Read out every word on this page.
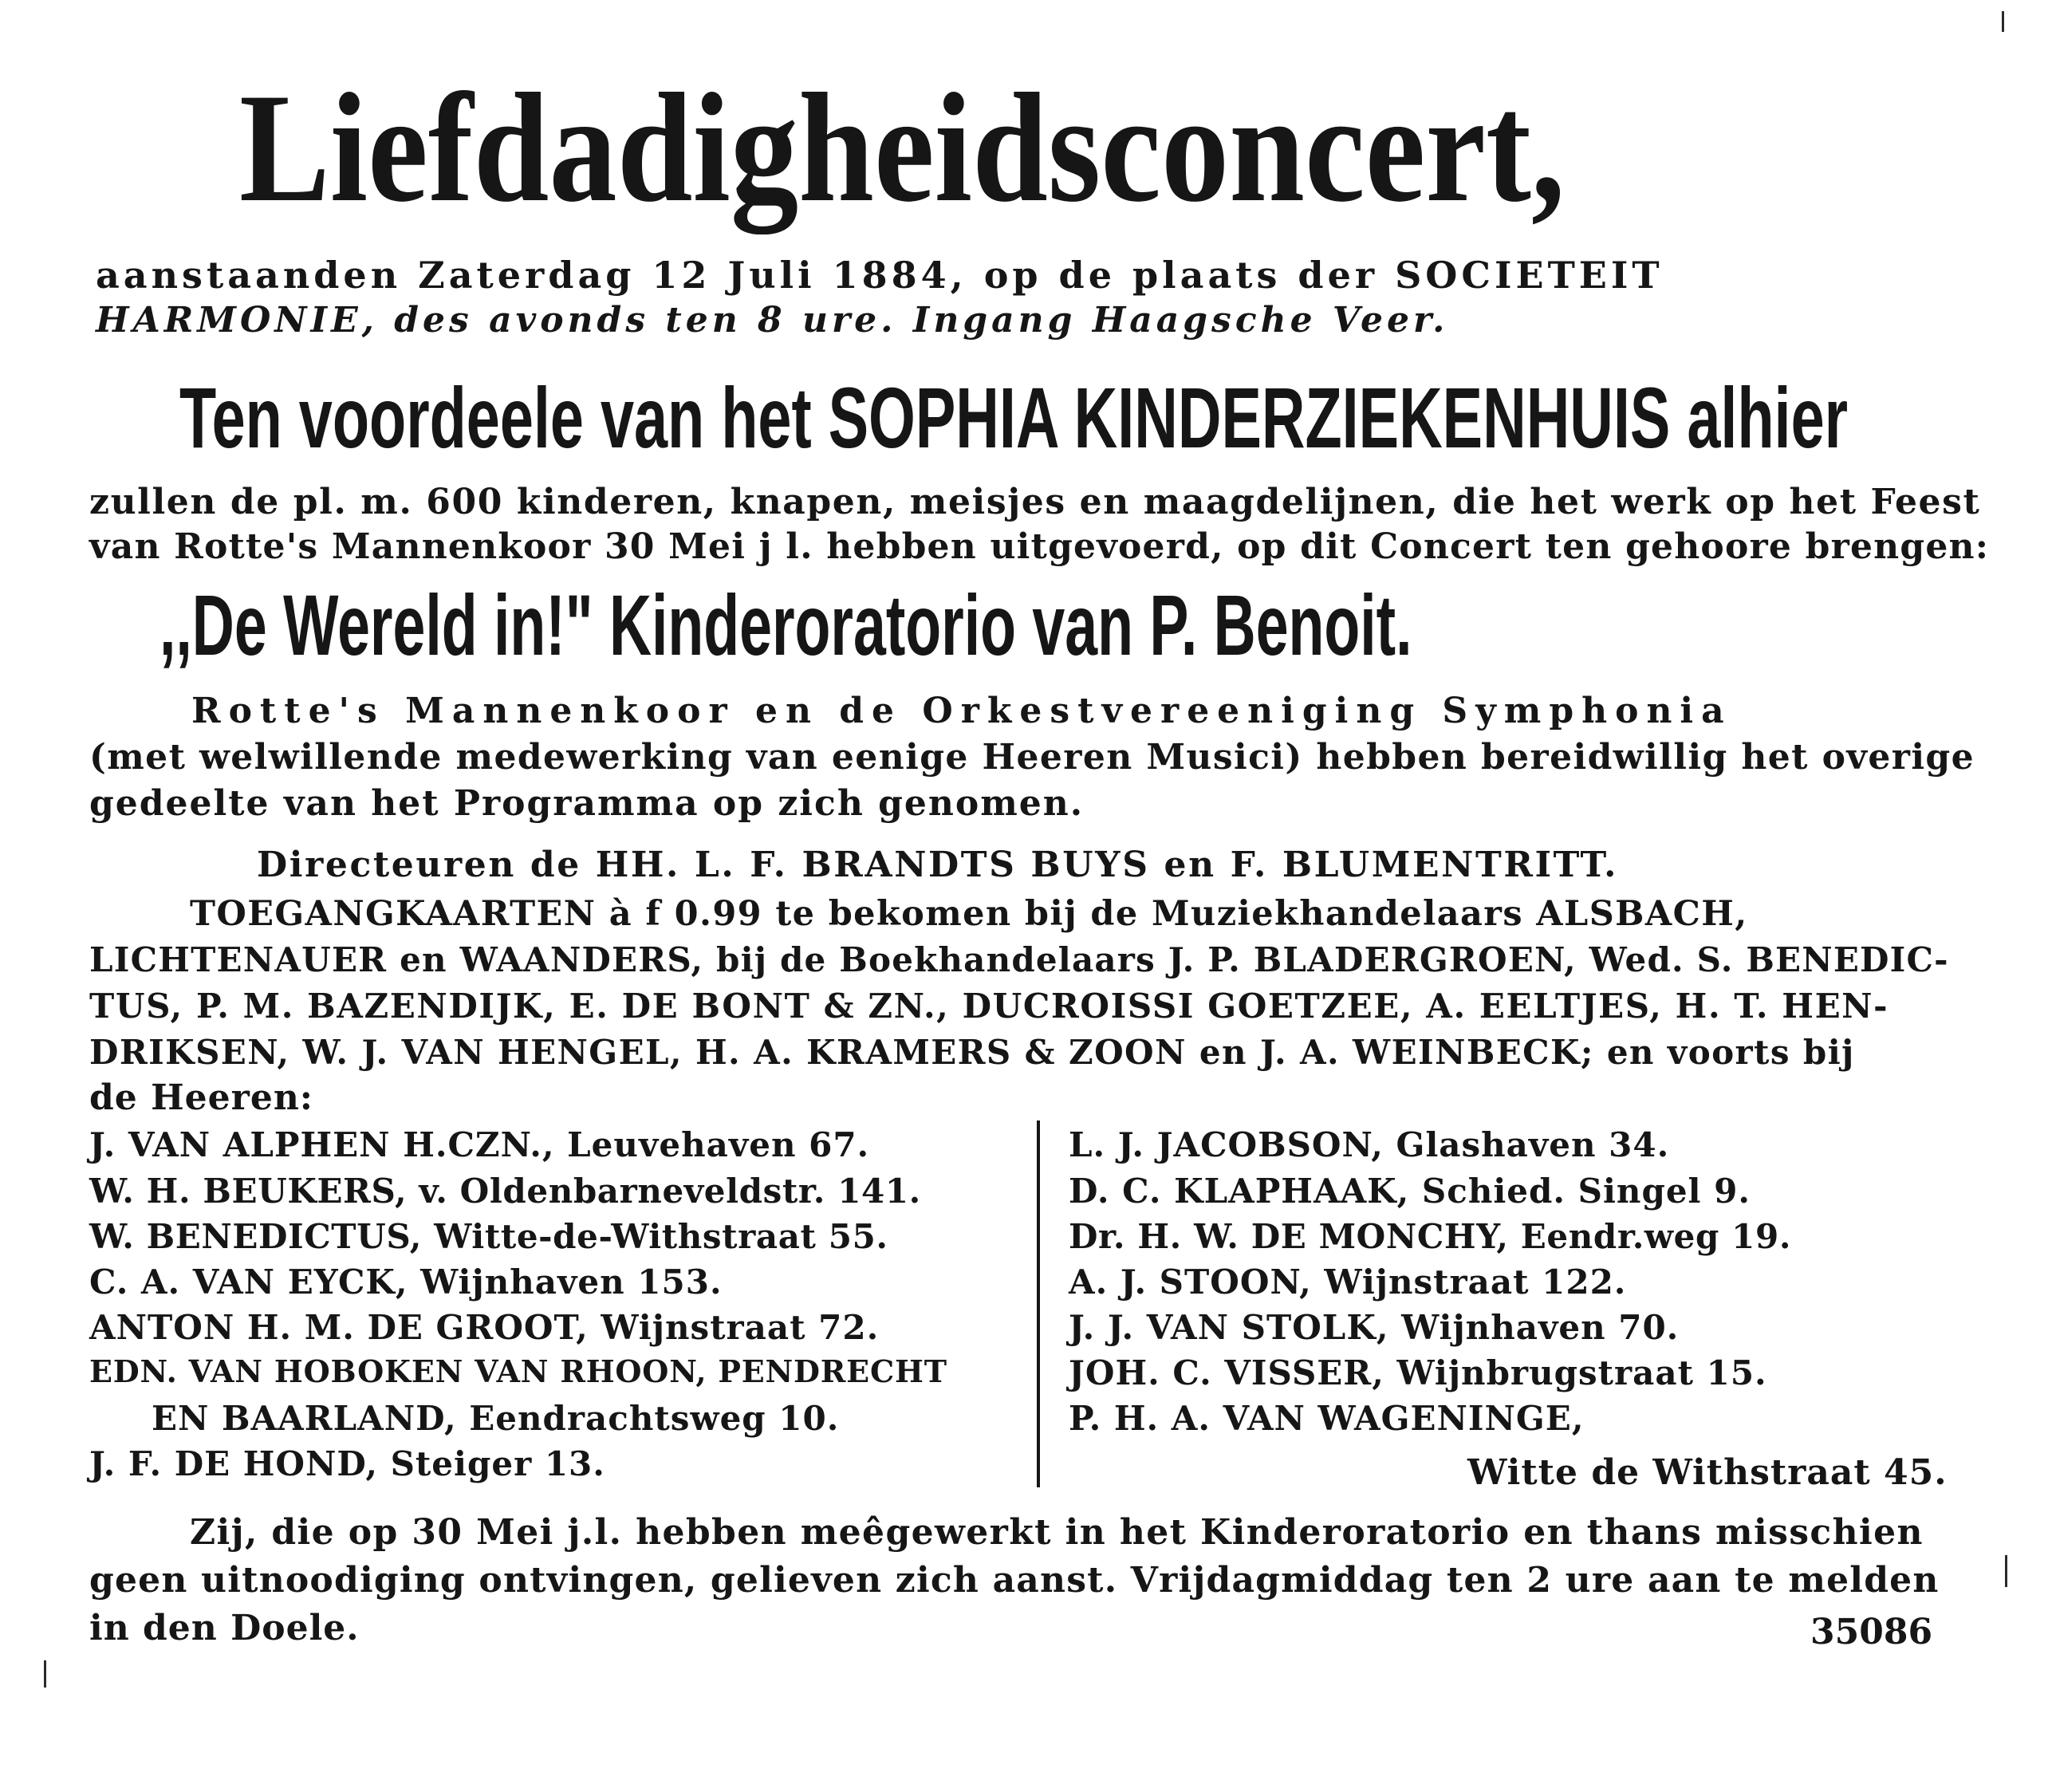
Liefdadigheidsconcert,
aanstaanden Zaterdag 12 Juli 1884, op de plaats der SOCIETEIT
HARMONIE, des avonds ten 8 ure. Ingang Haagsche Veer.
Ten voordeele van het SOPHIA KINDERZIEKENHUIS alhier
zullen de pl. m. 600 kinderen, knapen, meisjes en maagdelijnen, die het werk op het Feest
van Rotte's Mannenkoor 30 Mei j l. hebben uitgevoerd, op dit Concert ten gehoore brengen:
,,De Wereld in!" Kinderoratorio van P. Benoit.
Rotte's Mannenkoor en de Orkestvereeniging Symphonia
(met welwillende medewerking van eenige Heeren Musici) hebben bereidwillig het overige
gedeelte van het Programma op zich genomen.
Directeuren de HH. L. F. BRANDTS BUYS en F. BLUMENTRITT.
TOEGANGKAARTEN à f 0.99 te bekomen bij de Muziekhandelaars ALSBACH,
LICHTENAUER en WAANDERS, bij de Boekhandelaars J. P. BLADERGROEN, Wed. S. BENEDIC-
TUS, P. M. BAZENDIJK, E. DE BONT & ZN., DUCROISSI GOETZEE, A. EELTJES, H. T. HEN-
DRIKSEN, W. J. VAN HENGEL, H. A. KRAMERS & ZOON en J. A. WEINBECK; en voorts bij
de Heeren:
J. VAN ALPHEN H.CZN., Leuvehaven 67.
W. H. BEUKERS, v. Oldenbarneveldstr. 141.
W. BENEDICTUS, Witte-de-Withstraat 55.
C. A. VAN EYCK, Wijnhaven 153.
ANTON H. M. DE GROOT, Wijnstraat 72.
EDN. VAN HOBOKEN VAN RHOON, PENDRECHT
EN BAARLAND, Eendrachtsweg 10.
J. F. DE HOND, Steiger 13.
L. J. JACOBSON, Glashaven 34.
D. C. KLAPHAAK, Schied. Singel 9.
Dr. H. W. DE MONCHY, Eendr.weg 19.
A. J. STOON, Wijnstraat 122.
J. J. VAN STOLK, Wijnhaven 70.
JOH. C. VISSER, Wijnbrugstraat 15.
P. H. A. VAN WAGENINGE,
Witte de Withstraat 45.
Zij, die op 30 Mei j.l. hebben meêgewerkt in het Kinderoratorio en thans misschien
geen uitnoodiging ontvingen, gelieven zich aanst. Vrijdagmiddag ten 2 ure aan te melden
in den Doele.	35086
